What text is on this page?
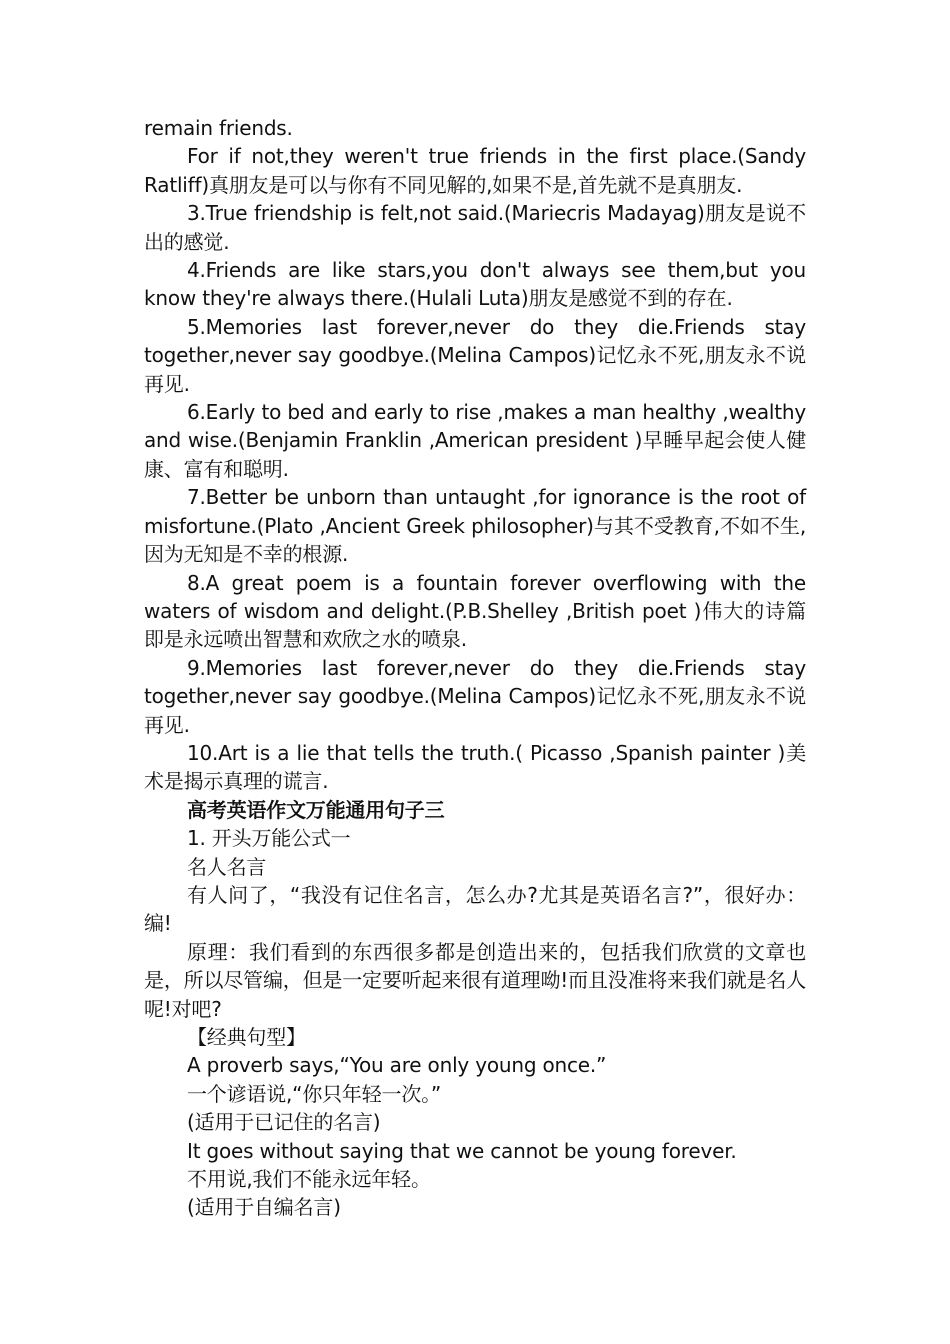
remain friends.

For if not,they weren't true friends in the first place.(Sandy Ratliff)真朋友是可以与你有不同见解的,如果不是,首先就不是真朋友.

3.True friendship is felt,not said.(Mariecris Madayag)朋友是说不出的感觉.

4.Friends are like stars,you don't always see them,but you know they're always there.(Hulali Luta)朋友是感觉不到的存在.

5.Memories last forever,never do they die.Friends stay together,never say goodbye.(Melina Campos)记忆永不死,朋友永不说再见.

6.Early to bed and early to rise ,makes a man healthy ,wealthy and wise.(Benjamin Franklin ,American president )早睡早起会使人健康、富有和聪明.

7.Better be unborn than untaught ,for ignorance is the root of misfortune.(Plato ,Ancient Greek philosopher)与其不受教育,不如不生,因为无知是不幸的根源.

8.A great poem is a fountain forever overflowing with the waters of wisdom and delight.(P.B.Shelley ,British poet )伟大的诗篇即是永远喷出智慧和欢欣之水的喷泉.

9.Memories last forever,never do they die.Friends stay together,never say goodbye.(Melina Campos)记忆永不死,朋友永不说再见.

10.Art is a lie that tells the truth.( Picasso ,Spanish painter )美术是揭示真理的谎言.

高考英语作文万能通用句子三

1. 开头万能公式一

名人名言

有人问了，“我没有记住名言，怎么办?尤其是英语名言?”，很好办：编!

原理：我们看到的东西很多都是创造出来的，包括我们欣赏的文章也是，所以尽管编，但是一定要听起来很有道理呦!而且没准将来我们就是名人呢!对吧?

【经典句型】

A proverb says,“You are only young once.”

一个谚语说,“你只年轻一次。”

(适用于已记住的名言)

It goes without saying that we cannot be young forever.

不用说,我们不能永远年轻。

(适用于自编名言)
